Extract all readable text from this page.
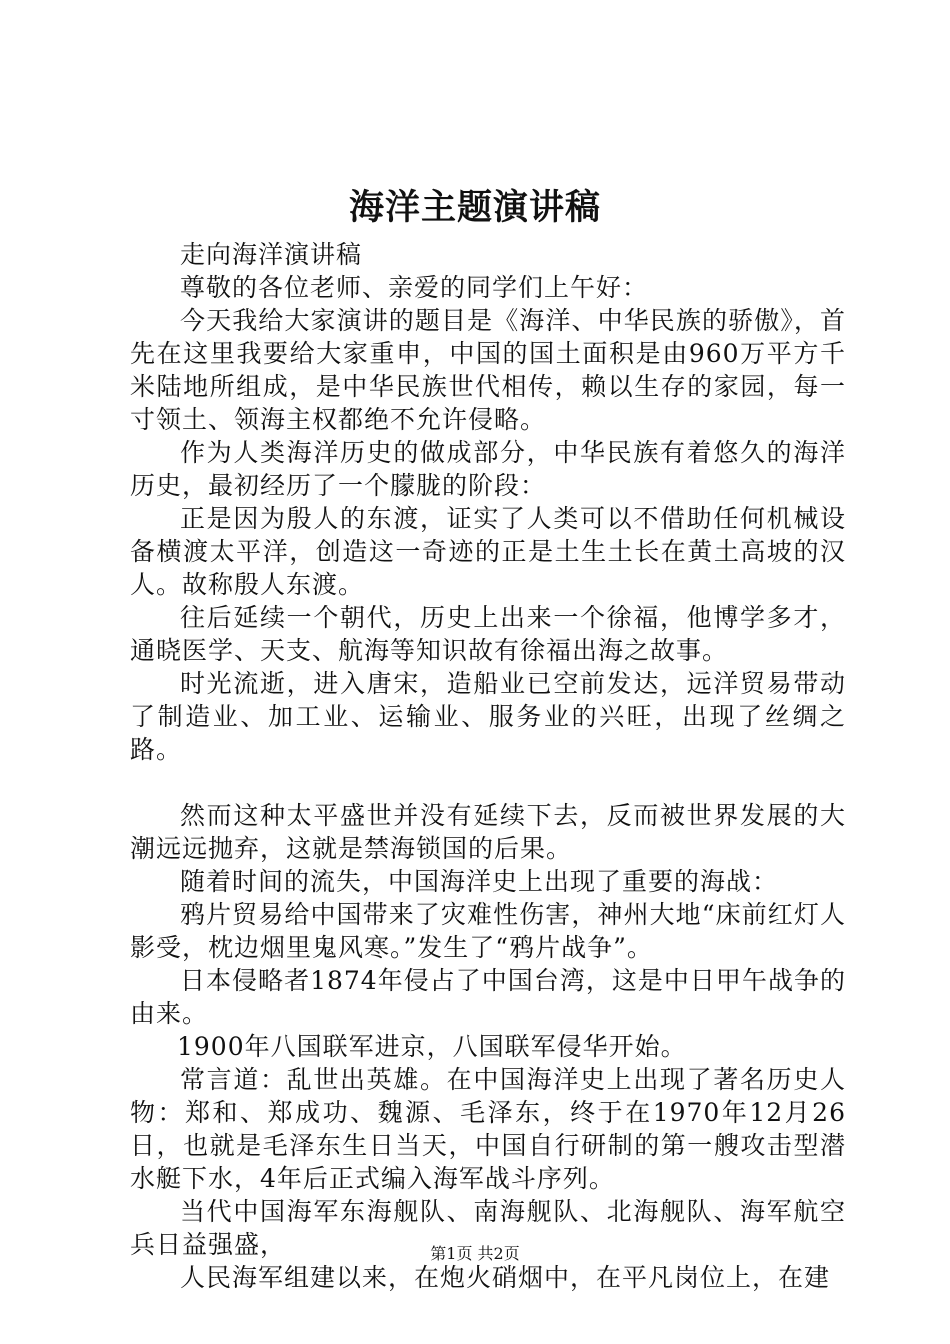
海洋主题演讲稿

走向海洋演讲稿

尊敬的各位老师、亲爱的同学们上午好：

今天我给大家演讲的题目是《海洋、中华民族的骄傲》，首先在这里我要给大家重申，中国的国土面积是由960万平方千米陆地所组成，是中华民族世代相传，赖以生存的家园，每一寸领土、领海主权都绝不允许侵略。

作为人类海洋历史的做成部分，中华民族有着悠久的海洋历史，最初经历了一个朦胧的阶段：

正是因为殷人的东渡，证实了人类可以不借助任何机械设备横渡太平洋，创造这一奇迹的正是土生土长在黄土高坡的汉人。故称殷人东渡。

往后延续一个朝代，历史上出来一个徐福，他博学多才，通晓医学、天支、航海等知识故有徐福出海之故事。

时光流逝，进入唐宋，造船业已空前发达，远洋贸易带动了制造业、加工业、运输业、服务业的兴旺，出现了丝绸之路。

然而这种太平盛世并没有延续下去，反而被世界发展的大潮远远抛弃，这就是禁海锁国的后果。

随着时间的流失，中国海洋史上出现了重要的海战：

鸦片贸易给中国带来了灾难性伤害，神州大地“床前红灯人影受，枕边烟里鬼风寒。”发生了“鸦片战争”。

日本侵略者1874年侵占了中国台湾，这是中日甲午战争的由来。

1900年八国联军进京，八国联军侵华开始。

常言道：乱世出英雄。在中国海洋史上出现了著名历史人物：郑和、郑成功、魏源、毛泽东，终于在1970年12月26日，也就是毛泽东生日当天，中国自行研制的第一艘攻击型潜水艇下水，4年后正式编入海军战斗序列。

当代中国海军东海舰队、南海舰队、北海舰队、海军航空兵日益强盛，

人民海军组建以来，在炮火硝烟中，在平凡岗位上，在建

第1页 共2页
